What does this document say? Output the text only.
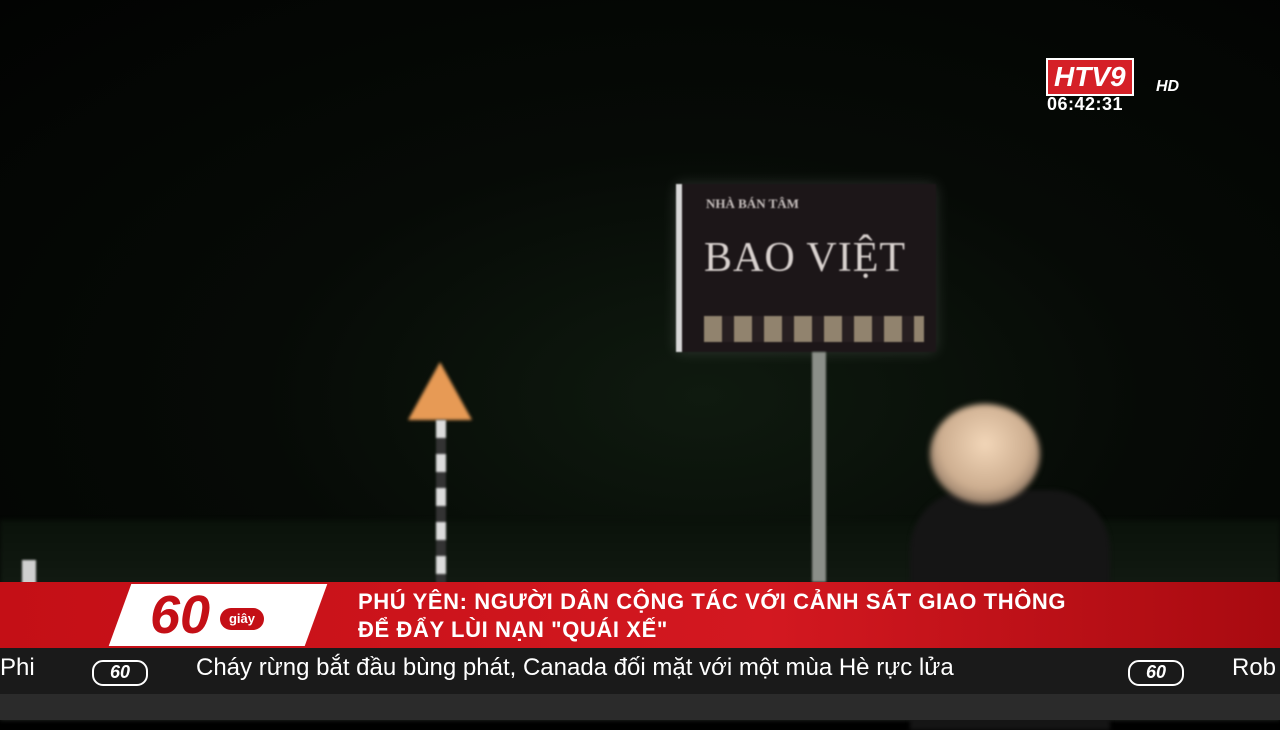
NHÀ BÁN TÂM
BAO VIỆT
HTV9	HD
06:42:31
60	giây
PHÚ YÊN: NGƯỜI DÂN CỘNG TÁC VỚI CẢNH SÁT GIAO THÔNG
ĐỂ ĐẨY LÙI NẠN "QUÁI XẾ"
Phi	60	Cháy rừng bắt đầu bùng phát, Canada đối mặt với một mùa Hè rực lửa	60	Rob
